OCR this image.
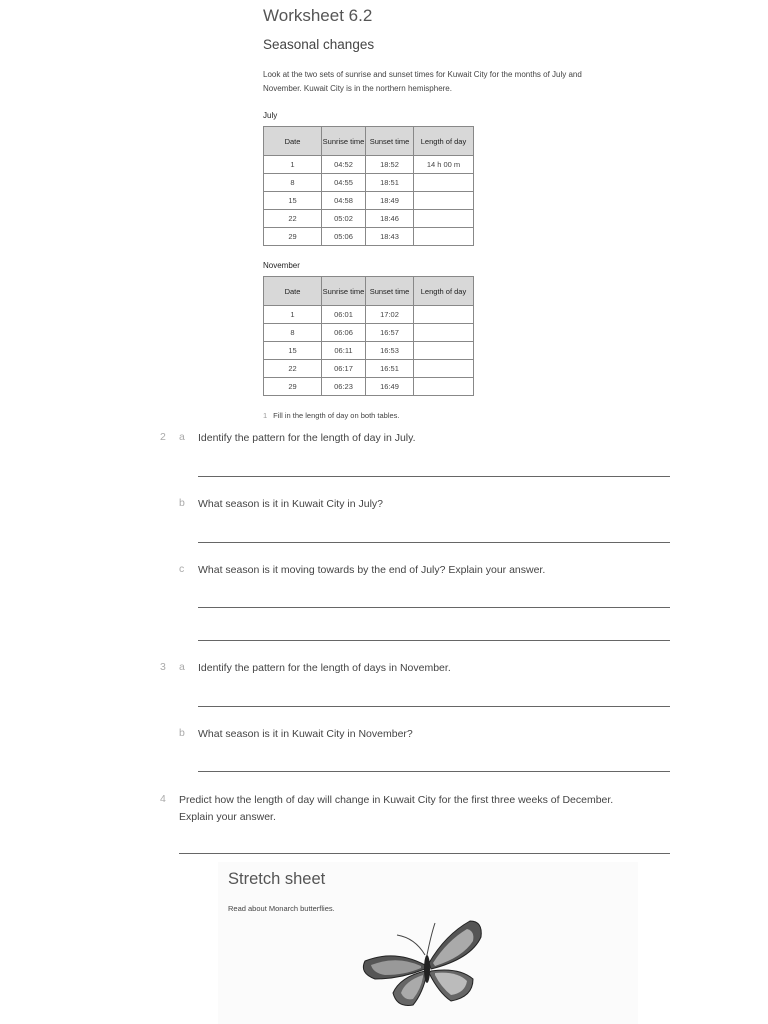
Worksheet 6.2
Seasonal changes
Look at the two sets of sunrise and sunset times for Kuwait City for the months of July and November. Kuwait City is in the northern hemisphere.
July
Date	Sunrise time	Sunset time	Length of day
1	04:52	18:52	14 h 00 m
8	04:55	18:51	
15	04:58	18:49	
22	05:02	18:46	
29	05:06	18:43	
November
Date	Sunrise time	Sunset time	Length of day
1	06:01	17:02	
8	06:06	16:57	
15	06:11	16:53	
22	06:17	16:51	
29	06:23	16:49	
1 Fill in the length of day on both tables.
2 a Identify the pattern for the length of day in July.
b What season is it in Kuwait City in July?
c What season is it moving towards by the end of July? Explain your answer.
3 a Identify the pattern for the length of days in November.
b What season is it in Kuwait City in November?
4 Predict how the length of day will change in Kuwait City for the first three weeks of December. Explain your answer.
Stretch sheet
Read about Monarch butterflies.
